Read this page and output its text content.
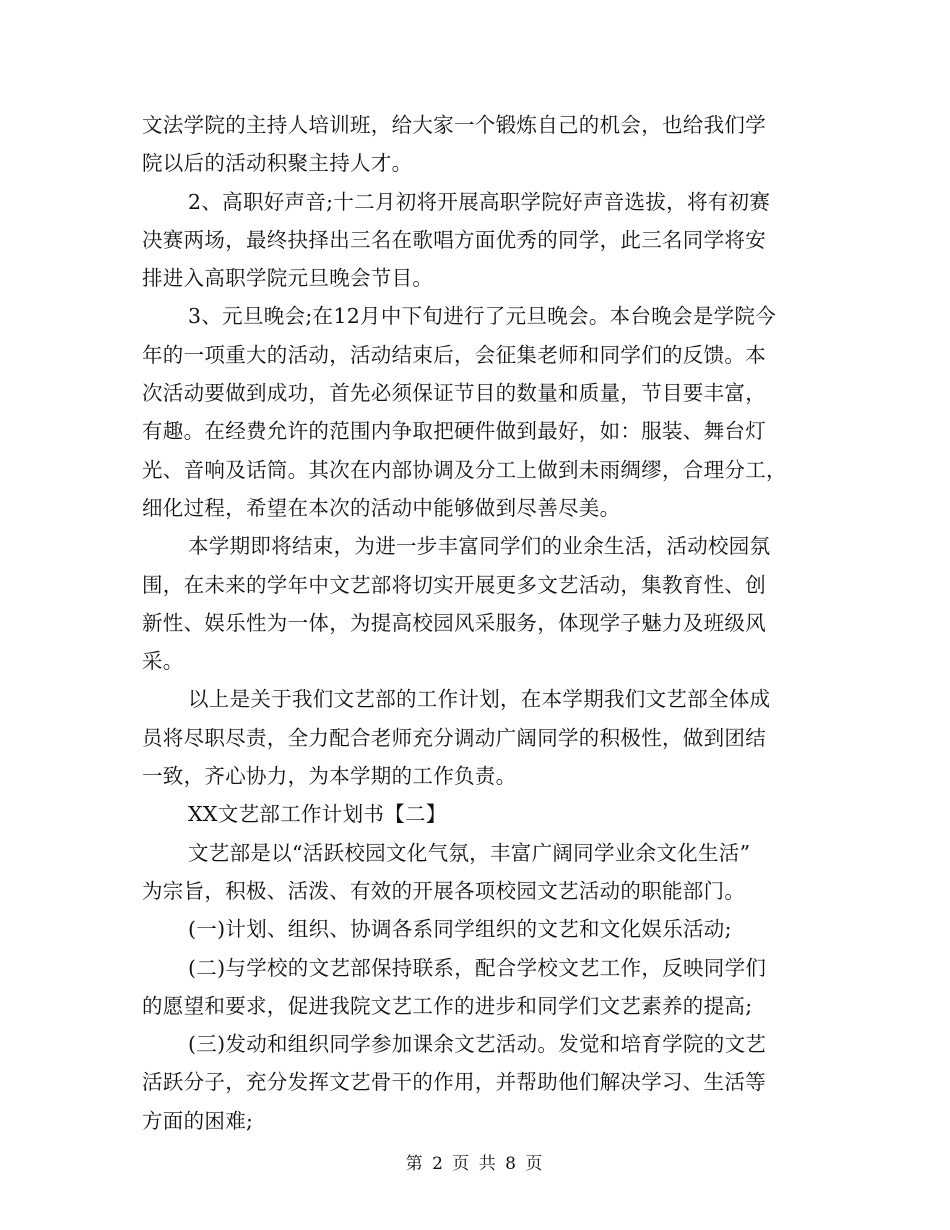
文法学院的主持人培训班，给大家一个锻炼自己的机会，也给我们学
院以后的活动积聚主持人才。
2、高职好声音;十二月初将开展高职学院好声音选拔，将有初赛
决赛两场，最终抉择出三名在歌唱方面优秀的同学，此三名同学将安
排进入高职学院元旦晚会节目。
3、元旦晚会;在12月中下旬进行了元旦晚会。本台晚会是学院今
年的一项重大的活动，活动结束后，会征集老师和同学们的反馈。本
次活动要做到成功，首先必须保证节目的数量和质量，节目要丰富，
有趣。在经费允许的范围内争取把硬件做到最好，如：服装、舞台灯
光、音响及话筒。其次在内部协调及分工上做到未雨绸缪，合理分工，
细化过程，希望在本次的活动中能够做到尽善尽美。
本学期即将结束，为进一步丰富同学们的业余生活，活动校园氛
围，在未来的学年中文艺部将切实开展更多文艺活动，集教育性、创
新性、娱乐性为一体，为提高校园风采服务，体现学子魅力及班级风
采。
以上是关于我们文艺部的工作计划，在本学期我们文艺部全体成
员将尽职尽责，全力配合老师充分调动广阔同学的积极性，做到团结
一致，齐心协力，为本学期的工作负责。
XX文艺部工作计划书【二】
文艺部是以“活跃校园文化气氛，丰富广阔同学业余文化生活”
为宗旨，积极、活泼、有效的开展各项校园文艺活动的职能部门。
(一)计划、组织、协调各系同学组织的文艺和文化娱乐活动;
(二)与学校的文艺部保持联系，配合学校文艺工作，反映同学们
的愿望和要求，促进我院文艺工作的进步和同学们文艺素养的提高;
(三)发动和组织同学参加课余文艺活动。发觉和培育学院的文艺
活跃分子，充分发挥文艺骨干的作用，并帮助他们解决学习、生活等
方面的困难;
第 2 页 共 8 页
